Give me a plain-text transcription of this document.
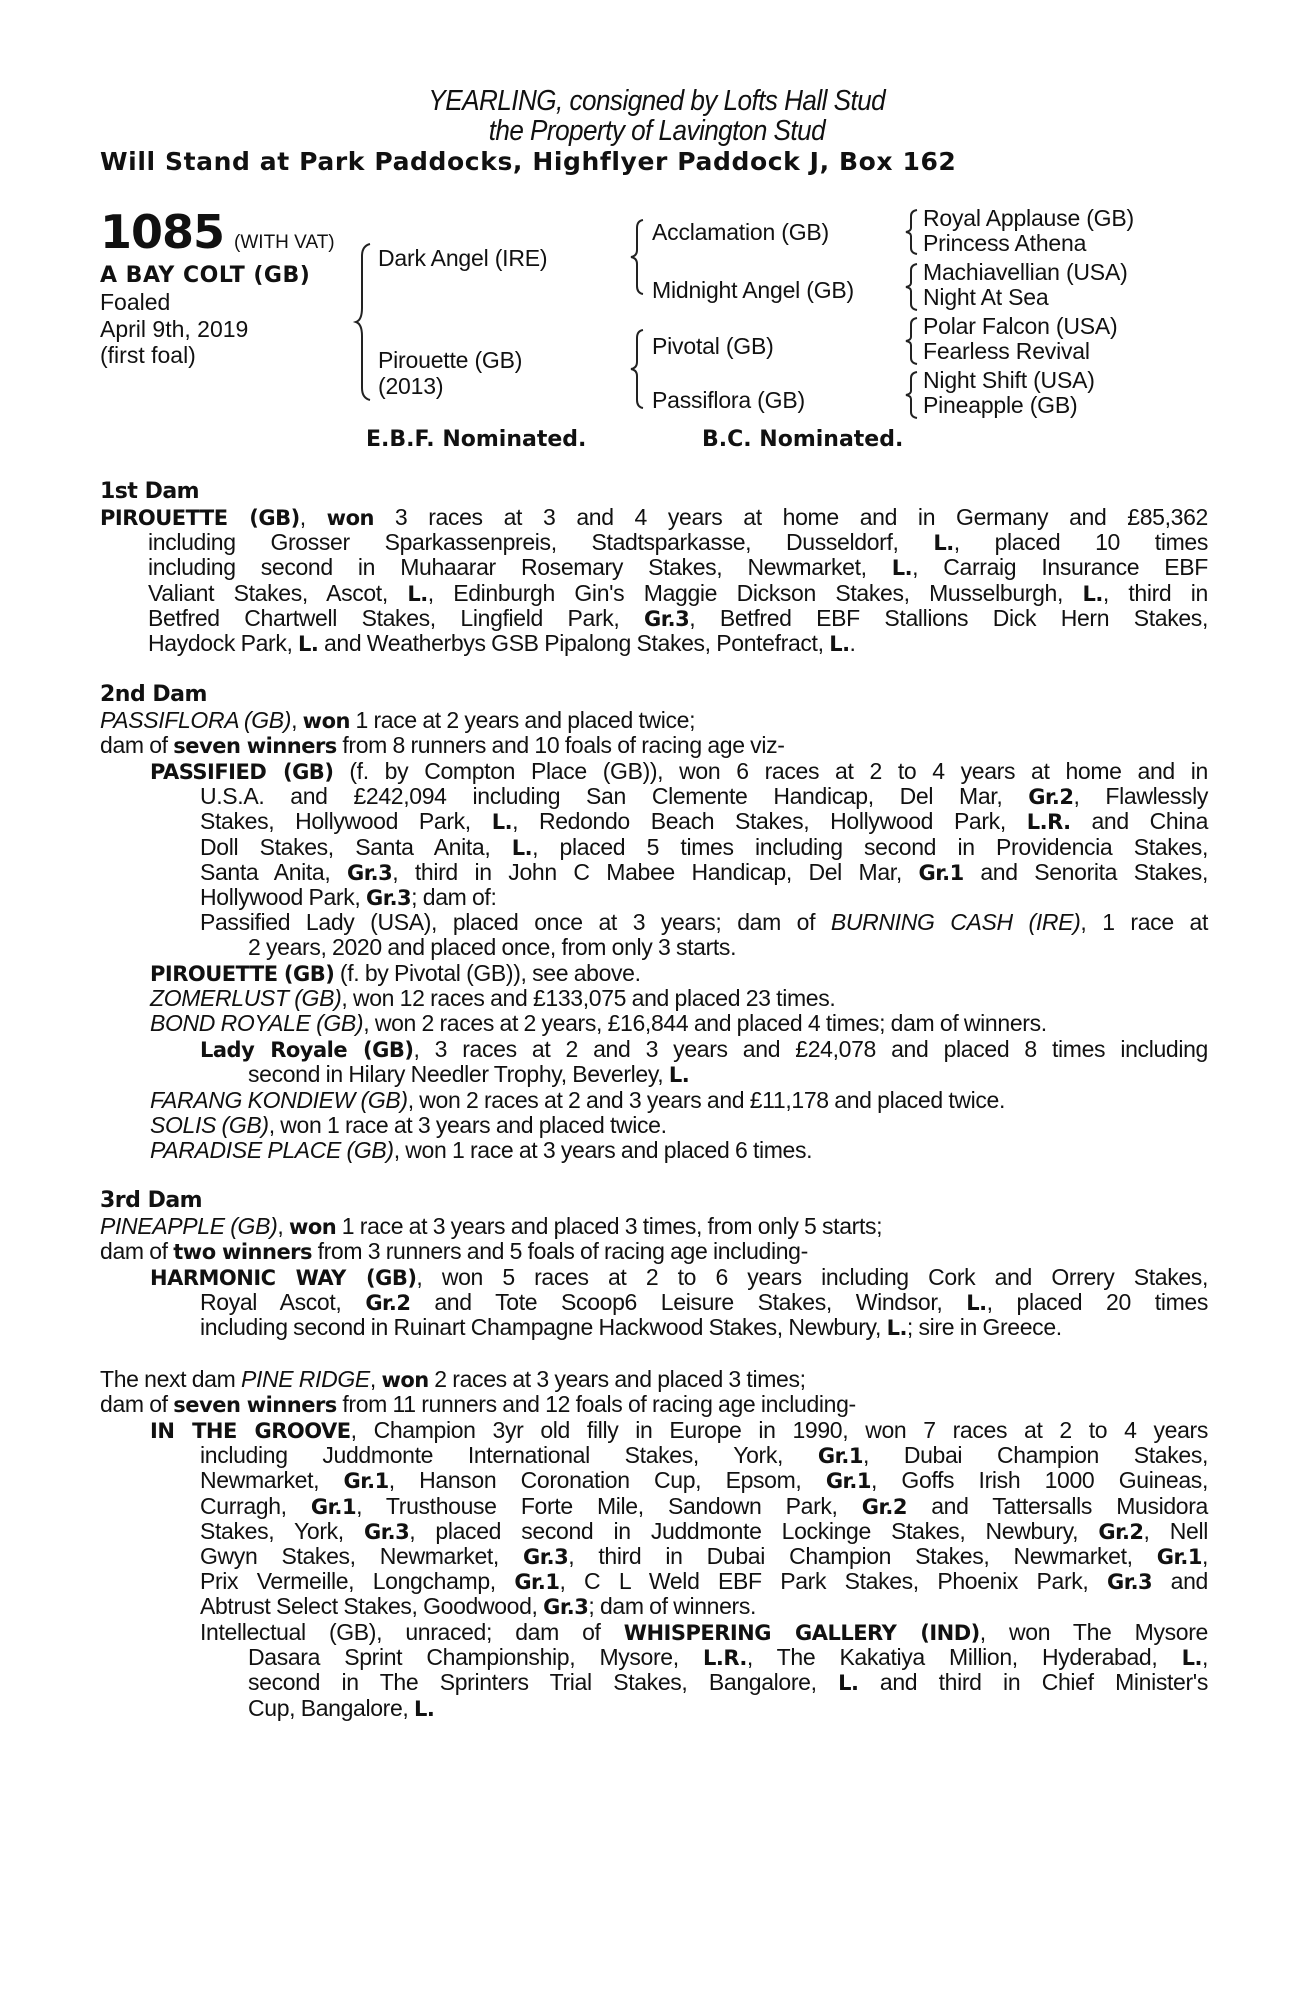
YEARLING, consigned by Lofts Hall Stud
the Property of Lavington Stud
Will Stand at Park Paddocks, Highflyer Paddock J, Box 162
1085 (WITH VAT)
A BAY COLT (GB)
Foaled
April 9th, 2019
(first foal)
Dark Angel (IRE)
Pirouette (GB)
(2013)
Acclamation (GB)
Midnight Angel (GB)
Pivotal (GB)
Passiflora (GB)
Royal Applause (GB)
Princess Athena
Machiavellian (USA)
Night At Sea
Polar Falcon (USA)
Fearless Revival
Night Shift (USA)
Pineapple (GB)
E.B.F. Nominated.	B.C. Nominated.
1st Dam
PIROUETTE (GB), won 3 races at 3 and 4 years at home and in Germany and £85,362
including Grosser Sparkassenpreis, Stadtsparkasse, Dusseldorf, L., placed 10 times
including second in Muhaarar Rosemary Stakes, Newmarket, L., Carraig Insurance EBF
Valiant Stakes, Ascot, L., Edinburgh Gin's Maggie Dickson Stakes, Musselburgh, L., third in
Betfred Chartwell Stakes, Lingfield Park, Gr.3, Betfred EBF Stallions Dick Hern Stakes,
Haydock Park, L. and Weatherbys GSB Pipalong Stakes, Pontefract, L..
2nd Dam
PASSIFLORA (GB), won 1 race at 2 years and placed twice;
dam of seven winners from 8 runners and 10 foals of racing age viz-
PASSIFIED (GB) (f. by Compton Place (GB)), won 6 races at 2 to 4 years at home and in
U.S.A. and £242,094 including San Clemente Handicap, Del Mar, Gr.2, Flawlessly
Stakes, Hollywood Park, L., Redondo Beach Stakes, Hollywood Park, L.R. and China
Doll Stakes, Santa Anita, L., placed 5 times including second in Providencia Stakes,
Santa Anita, Gr.3, third in John C Mabee Handicap, Del Mar, Gr.1 and Senorita Stakes,
Hollywood Park, Gr.3; dam of:
Passified Lady (USA), placed once at 3 years; dam of BURNING CASH (IRE), 1 race at
2 years, 2020 and placed once, from only 3 starts.
PIROUETTE (GB) (f. by Pivotal (GB)), see above.
ZOMERLUST (GB), won 12 races and £133,075 and placed 23 times.
BOND ROYALE (GB), won 2 races at 2 years, £16,844 and placed 4 times; dam of winners.
Lady Royale (GB), 3 races at 2 and 3 years and £24,078 and placed 8 times including
second in Hilary Needler Trophy, Beverley, L.
FARANG KONDIEW (GB), won 2 races at 2 and 3 years and £11,178 and placed twice.
SOLIS (GB), won 1 race at 3 years and placed twice.
PARADISE PLACE (GB), won 1 race at 3 years and placed 6 times.
3rd Dam
PINEAPPLE (GB), won 1 race at 3 years and placed 3 times, from only 5 starts;
dam of two winners from 3 runners and 5 foals of racing age including-
HARMONIC WAY (GB), won 5 races at 2 to 6 years including Cork and Orrery Stakes,
Royal Ascot, Gr.2 and Tote Scoop6 Leisure Stakes, Windsor, L., placed 20 times
including second in Ruinart Champagne Hackwood Stakes, Newbury, L.; sire in Greece.
The next dam PINE RIDGE, won 2 races at 3 years and placed 3 times;
dam of seven winners from 11 runners and 12 foals of racing age including-
IN THE GROOVE, Champion 3yr old filly in Europe in 1990, won 7 races at 2 to 4 years
including Juddmonte International Stakes, York, Gr.1, Dubai Champion Stakes,
Newmarket, Gr.1, Hanson Coronation Cup, Epsom, Gr.1, Goffs Irish 1000 Guineas,
Curragh, Gr.1, Trusthouse Forte Mile, Sandown Park, Gr.2 and Tattersalls Musidora
Stakes, York, Gr.3, placed second in Juddmonte Lockinge Stakes, Newbury, Gr.2, Nell
Gwyn Stakes, Newmarket, Gr.3, third in Dubai Champion Stakes, Newmarket, Gr.1,
Prix Vermeille, Longchamp, Gr.1, C L Weld EBF Park Stakes, Phoenix Park, Gr.3 and
Abtrust Select Stakes, Goodwood, Gr.3; dam of winners.
Intellectual (GB), unraced; dam of WHISPERING GALLERY (IND), won The Mysore
Dasara Sprint Championship, Mysore, L.R., The Kakatiya Million, Hyderabad, L.,
second in The Sprinters Trial Stakes, Bangalore, L. and third in Chief Minister's
Cup, Bangalore, L.
